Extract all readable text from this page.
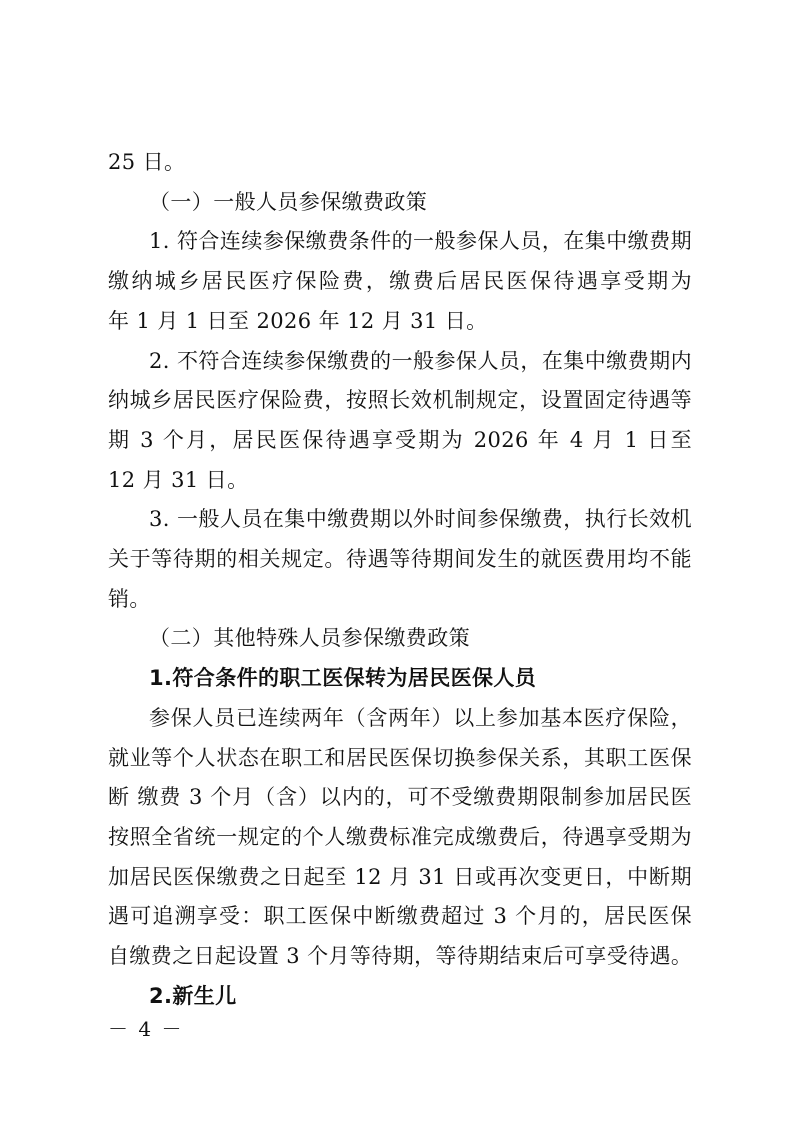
25 日。

（一）一般人员参保缴费政策

1. 符合连续参保缴费条件的一般参保人员，在集中缴费期

缴纳城乡居民医疗保险费，缴费后居民医保待遇享受期为

年 1 月 1 日至 2026 年 12 月 31 日。

2. 不符合连续参保缴费的一般参保人员，在集中缴费期内

纳城乡居民医疗保险费，按照长效机制规定，设置固定待遇等

期 3 个月，居民医保待遇享受期为 2026 年 4 月 1 日至

12 月 31 日。

3. 一般人员在集中缴费期以外时间参保缴费，执行长效机

关于等待期的相关规定。待遇等待期间发生的就医费用均不能

销。

（二）其他特殊人员参保缴费政策

1.符合条件的职工医保转为居民医保人员

参保人员已连续两年（含两年）以上参加基本医疗保险，

就业等个人状态在职工和居民医保切换参保关系，其职工医保

断 缴费 3 个月（含）以内的，可不受缴费期限制参加居民医

按照全省统一规定的个人缴费标准完成缴费后，待遇享受期为

加居民医保缴费之日起至 12 月 31 日或再次变更日，中断期

遇可追溯享受：职工医保中断缴费超过 3 个月的，居民医保

自缴费之日起设置 3 个月等待期，等待期结束后可享受待遇。

－ 4 －

2.新生儿
